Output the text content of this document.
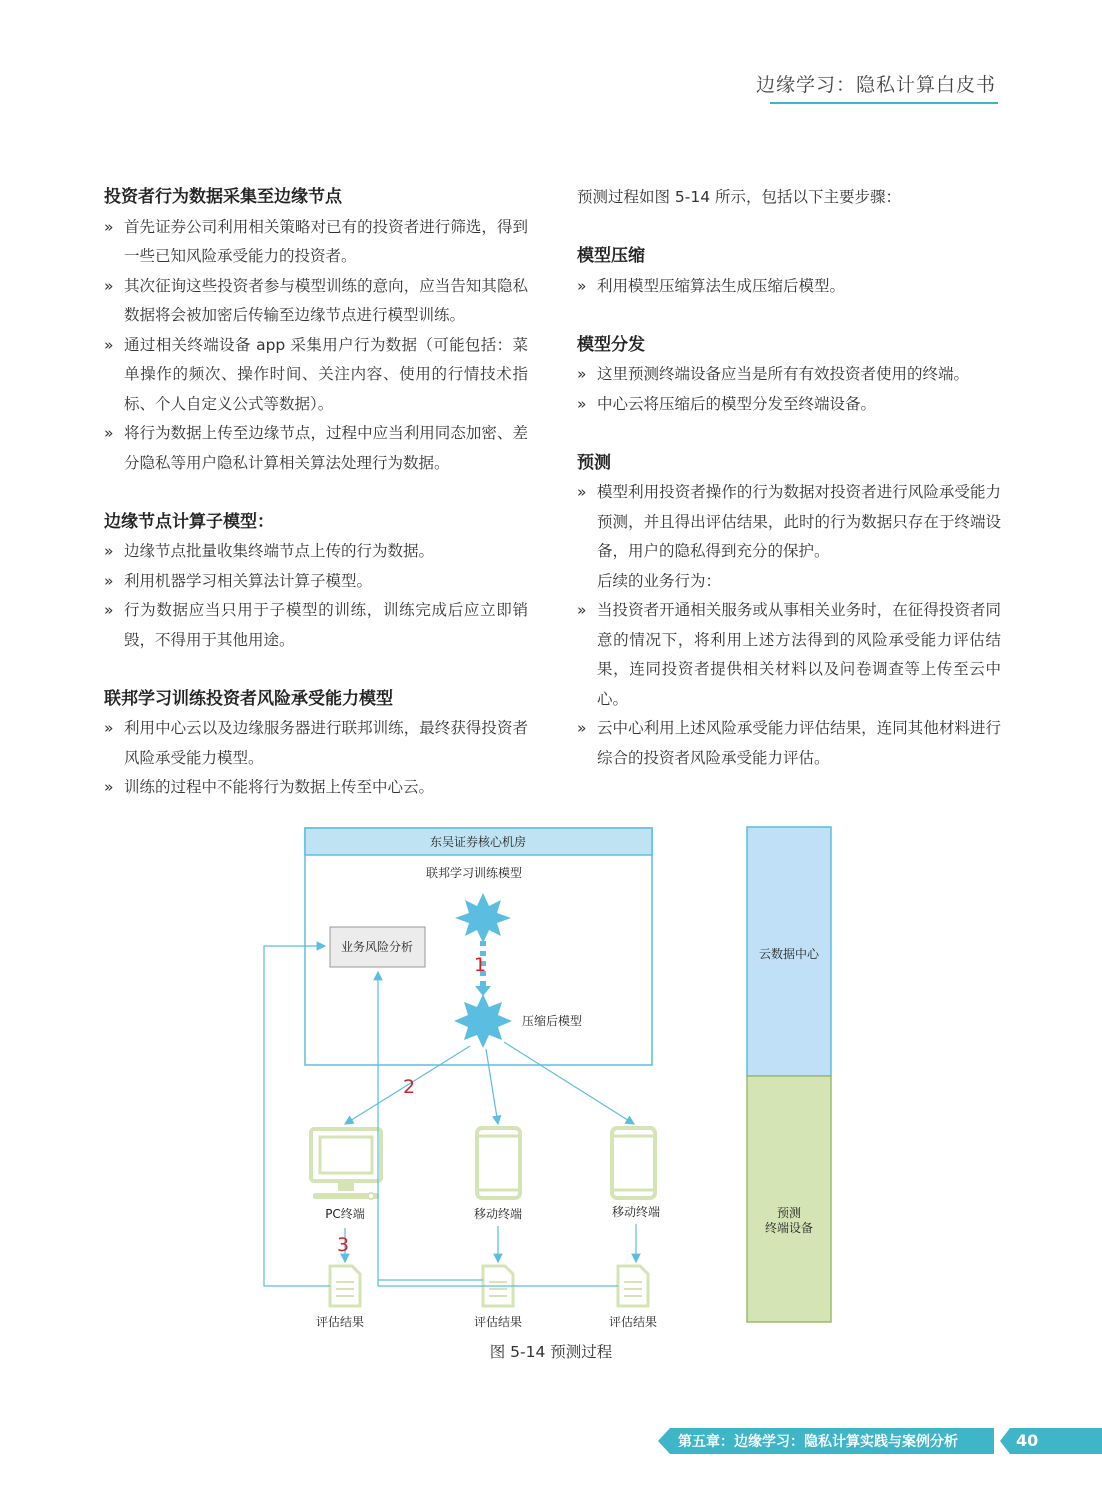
边缘学习：隐私计算白皮书
投资者行为数据采集至边缘节点
» 首先证券公司利用相关策略对已有的投资者进行筛选，得到一些已知风险承受能力的投资者。
» 其次征询这些投资者参与模型训练的意向，应当告知其隐私数据将会被加密后传输至边缘节点进行模型训练。
» 通过相关终端设备 app 采集用户行为数据（可能包括：菜单操作的频次、操作时间、关注内容、使用的行情技术指标、个人自定义公式等数据）。
» 将行为数据上传至边缘节点，过程中应当利用同态加密、差分隐私等用户隐私计算相关算法处理行为数据。
边缘节点计算子模型：
» 边缘节点批量收集终端节点上传的行为数据。
» 利用机器学习相关算法计算子模型。
» 行为数据应当只用于子模型的训练，训练完成后应立即销毁，不得用于其他用途。
联邦学习训练投资者风险承受能力模型
» 利用中心云以及边缘服务器进行联邦训练，最终获得投资者风险承受能力模型。
» 训练的过程中不能将行为数据上传至中心云。

预测过程如图 5-14 所示，包括以下主要步骤：

模型压缩
» 利用模型压缩算法生成压缩后模型。
模型分发
» 这里预测终端设备应当是所有有效投资者使用的终端。
» 中心云将压缩后的模型分发至终端设备。
预测
» 模型利用投资者操作的行为数据对投资者进行风险承受能力预测，并且得出评估结果，此时的行为数据只存在于终端设备，用户的隐私得到充分的保护。

后续的业务行为：

» 当投资者开通相关服务或从事相关业务时，在征得投资者同意的情况下，将利用上述方法得到的风险承受能力评估结果，连同投资者提供相关材料以及问卷调查等上传至云中心。
» 云中心利用上述风险承受能力评估结果，连同其他材料进行综合的投资者风险承受能力评估。
东吴证券核心机房
联邦学习训练模型
1
压缩后模型
业务风险分析
2
PC终端	移动终端	移动终端
3
评估结果	评估结果	评估结果
云数据中心
预测
终端设备
图 5-14 预测过程
第五章：边缘学习：隐私计算实践与案例分析	40
